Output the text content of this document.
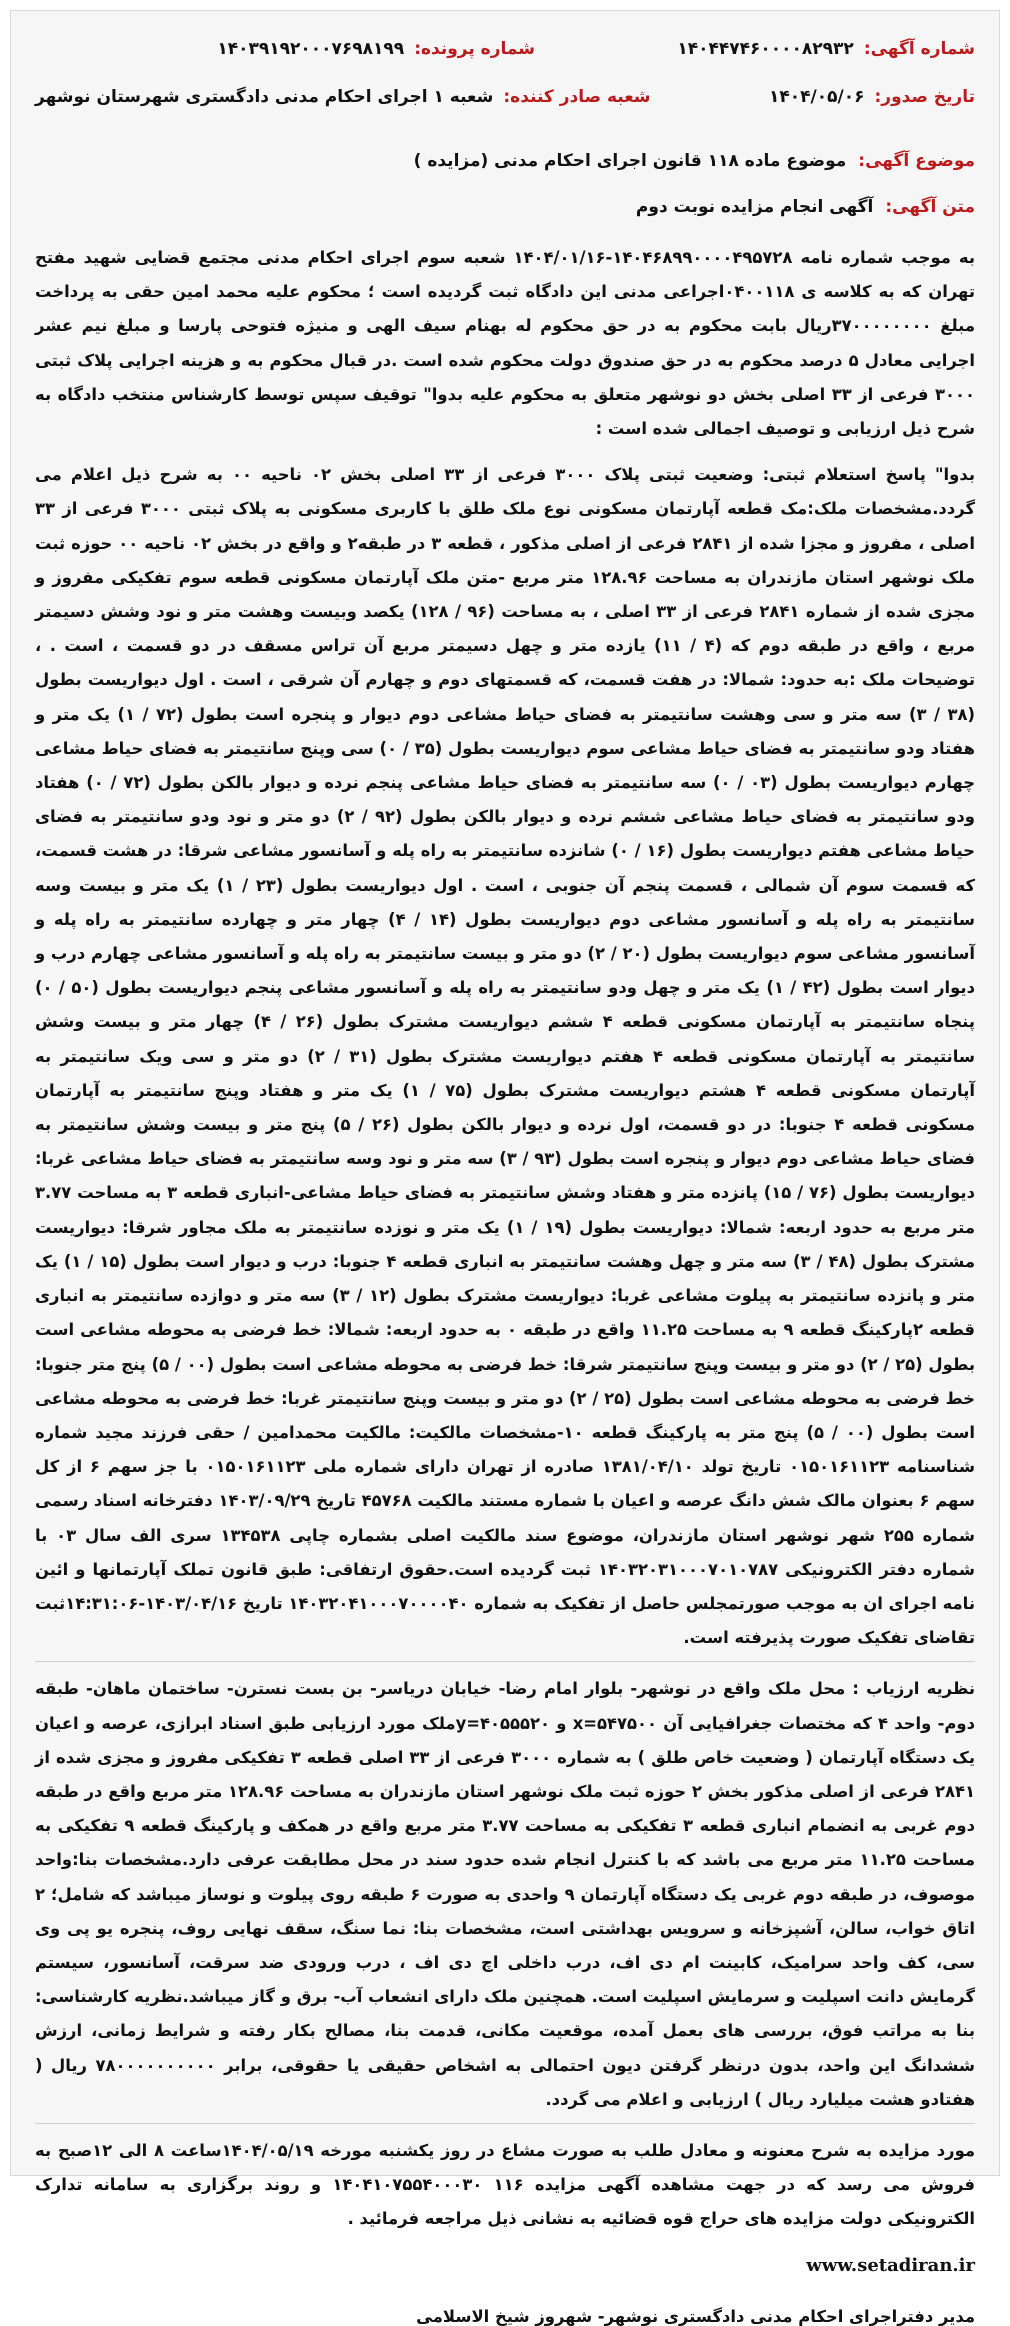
شماره آگهی:
۱۴۰۴۴۷۴۶۰۰۰۰۸۲۹۳۲
شماره پرونده:
۱۴۰۳۹۱۹۲۰۰۰۷۶۹۸۱۹۹
تاریخ صدور:
۱۴۰۴/۰۵/۰۶
شعبه صادر کننده:
شعبه ۱ اجرای احکام مدنی دادگستری شهرستان نوشهر
موضوع آگهی:
موضوع ماده ۱۱۸ قانون اجرای احکام مدنی (مزایده )
متن آگهی:
آگهی انجام مزایده نوبت دوم

به موجب شماره نامه ۱۴۰۴۶۸۹۹۰۰۰۰۴۹۵۷۲۸-۱۴۰۴/۰۱/۱۶ شعبه سوم اجرای احکام مدنی مجتمع قضایی شهید مفتح تهران که به کلاسه ی ۰۴۰۰۱۱۸اجراعی مدنی این دادگاه ثبت گردیده است ؛ محکوم علیه محمد امین حقی به پرداخت مبلغ ۳۷۰۰۰۰۰۰۰۰ریال بابت محکوم به در حق محکوم له بهنام سیف الهی و منیژه فتوحی پارسا و مبلغ نیم عشر اجرایی معادل ۵ درصد محکوم به در حق صندوق دولت محکوم شده است .در قبال محکوم به و هزینه اجرایی پلاک ثبتی ۳۰۰۰ فرعی از ۳۳ اصلی بخش دو نوشهر متعلق به محکوم علیه بدوا" توقیف سپس توسط کارشناس منتخب دادگاه به شرح ذیل ارزیابی و توصیف اجمالی شده است :

بدوا" پاسخ استعلام ثبتی: وضعیت ثبتی پلاک ۳۰۰۰ فرعی از ۳۳ اصلی بخش ۰۲ ناحیه ۰۰ به شرح ذیل اعلام می گردد.مشخصات ملک:مک قطعه آپارتمان مسکونی نوع ملک طلق با کاربری مسکونی به پلاک ثبتی ۳۰۰۰ فرعی از ۳۳ اصلی ، مفروز و مجزا شده از ۲۸۴۱ فرعی از اصلی مذکور ، قطعه ۳ در طبقه۲ و واقع در بخش ۰۲ ناحیه ۰۰ حوزه ثبت ملک نوشهر استان مازندران به مساحت ۱۲۸.۹۶ متر مربع -متن ملک آپارتمان مسکونی قطعه سوم تفکیکی مفروز و مجزی شده از شماره ۲۸۴۱ فرعی از ۳۳ اصلی ، به مساحت (۹۶ / ۱۲۸) یکصد وبیست وهشت متر و نود وشش دسیمتر مربع ، واقع در طبقه دوم که (۴ / ۱۱) یازده متر و چهل دسیمتر مربع آن تراس مسقف در دو قسمت ، است . ، توضیحات ملک :به حدود: شمالا: در هفت قسمت، که قسمتهای دوم و چهارم آن شرقی ، است . اول دیواریست بطول (۳۸ / ۳) سه متر و سی وهشت سانتیمتر به فضای حیاط مشاعی دوم دیوار و پنجره است بطول (۷۲ / ۱) یک متر و هفتاد ودو سانتیمتر به فضای حیاط مشاعی سوم دیواریست بطول (۳۵ / ۰) سی وپنج سانتیمتر به فضای حیاط مشاعی چهارم دیواریست بطول (۰۳ / ۰) سه سانتیمتر به فضای حیاط مشاعی پنجم نرده و دیوار بالکن بطول (۷۲ / ۰) هفتاد ودو سانتیمتر به فضای حیاط مشاعی ششم نرده و دیوار بالکن بطول (۹۲ / ۲) دو متر و نود ودو سانتیمتر به فضای حیاط مشاعی هفتم دیواریست بطول (۱۶ / ۰) شانزده سانتیمتر به راه پله و آسانسور مشاعی شرقا: در هشت قسمت، که قسمت سوم آن شمالی ، قسمت پنجم آن جنوبی ، است . اول دیواریست بطول (۲۳ / ۱) یک متر و بیست وسه سانتیمتر به راه پله و آسانسور مشاعی دوم دیواریست بطول (۱۴ / ۴) چهار متر و چهارده سانتیمتر به راه پله و آسانسور مشاعی سوم دیواریست بطول (۲۰ / ۲) دو متر و بیست سانتیمتر به راه پله و آسانسور مشاعی چهارم درب و دیوار است بطول (۴۲ / ۱) یک متر و چهل ودو سانتیمتر به راه پله و آسانسور مشاعی پنجم دیواریست بطول (۵۰ / ۰) پنجاه سانتیمتر به آپارتمان مسکونی قطعه ۴ ششم دیواریست مشترک بطول (۲۶ / ۴) چهار متر و بیست وشش سانتیمتر به آپارتمان مسکونی قطعه ۴ هفتم دیواریست مشترک بطول (۳۱ / ۲) دو متر و سی ویک سانتیمتر به آپارتمان مسکونی قطعه ۴ هشتم دیواریست مشترک بطول (۷۵ / ۱) یک متر و هفتاد وپنج سانتیمتر به آپارتمان مسکونی قطعه ۴ جنوبا: در دو قسمت، اول نرده و دیوار بالکن بطول (۲۶ / ۵) پنج متر و بیست وشش سانتیمتر به فضای حیاط مشاعی دوم دیوار و پنجره است بطول (۹۳ / ۳) سه متر و نود وسه سانتیمتر به فضای حیاط مشاعی غربا: دیواریست بطول (۷۶ / ۱۵) پانزده متر و هفتاد وشش سانتیمتر به فضای حیاط مشاعی-انباری قطعه ۳ به مساحت ۳.۷۷ متر مربع به حدود اربعه: شمالا: دیواریست بطول (۱۹ / ۱) یک متر و نوزده سانتیمتر به ملک مجاور شرقا: دیواریست مشترک بطول (۴۸ / ۳) سه متر و چهل وهشت سانتیمتر به انباری قطعه ۴ جنوبا: درب و دیوار است بطول (۱۵ / ۱) یک متر و پانزده سانتیمتر به پیلوت مشاعی غربا: دیواریست مشترک بطول (۱۲ / ۳) سه متر و دوازده سانتیمتر به انباری قطعه ۲پارکینگ قطعه ۹ به مساحت ۱۱.۲۵ واقع در طبقه ۰ به حدود اربعه: شمالا: خط فرضی به محوطه مشاعی است بطول (۲۵ / ۲) دو متر و بیست وپنج سانتیمتر شرقا: خط فرضی به محوطه مشاعی است بطول (۰۰ / ۵) پنج متر جنوبا: خط فرضی به محوطه مشاعی است بطول (۲۵ / ۲) دو متر و بیست وپنج سانتیمتر غربا: خط فرضی به محوطه مشاعی است بطول (۰۰ / ۵) پنج متر به پارکینگ قطعه ۱۰-مشخصات مالکیت: مالکیت محمدامین / حقی فرزند مجید شماره شناسنامه ۰۱۵۰۱۶۱۱۲۳ تاریخ تولد ۱۳۸۱/۰۴/۱۰ صادره از تهران دارای شماره ملی ۰۱۵۰۱۶۱۱۲۳ با جز سهم ۶ از کل سهم ۶ بعنوان مالک شش دانگ عرصه و اعیان با شماره مستند مالکیت ۴۵۷۶۸ تاریخ ۱۴۰۳/۰۹/۲۹ دفترخانه اسناد رسمی شماره ۲۵۵ شهر نوشهر استان مازندران، موضوع سند مالکیت اصلی بشماره چاپی ۱۳۴۵۳۸ سری الف سال ۰۳ با شماره دفتر الکترونیکی ۱۴۰۳۲۰۳۱۰۰۰۷۰۱۰۷۸۷ ثبت گردیده است.حقوق ارتفاقی: طبق قانون تملک آپارتمانها و ائین نامه اجرای ان به موجب صورتمجلس حاصل از تفکیک به شماره ۱۴۰۳۲۰۴۱۰۰۰۷۰۰۰۰۴۰ تاریخ ۱۴۰۳/۰۴/۱۶-۱۴:۳۱:۰۶ثبت تقاضای تفکیک صورت پذیرفته است.

نظریه ارزیاب : محل ملک واقع در نوشهر- بلوار امام رضا- خیابان دریاسر- بن بست نسترن- ساختمان ماهان- طبقه دوم- واحد ۴ که مختصات جغرافیایی آن x=۵۴۷۵۰۰ و y=۴۰۵۵۵۲۰ملک مورد ارزیابی طبق اسناد ابرازی، عرصه و اعیان یک دستگاه آپارتمان ( وضعیت خاص طلق ) به شماره ۳۰۰۰ فرعی از ۳۳ اصلی قطعه ۳ تفکیکی مفروز و مجزی شده از ۲۸۴۱ فرعی از اصلی مذکور بخش ۲ حوزه ثبت ملک نوشهر استان مازندران به مساحت ۱۲۸.۹۶ متر مربع واقع در طبقه دوم غربی به انضمام انباری قطعه ۳ تفکیکی به مساحت ۳.۷۷ متر مربع واقع در همکف و پارکینگ قطعه ۹ تفکیکی به مساحت ۱۱.۲۵ متر مربع می باشد که با کنترل انجام شده حدود سند در محل مطابقت عرفی دارد.مشخصات بنا:واحد موصوف، در طبقه دوم غربی یک دستگاه آپارتمان ۹ واحدی به صورت ۶ طبقه روی پیلوت و نوساز میباشد که شامل؛ ۲ اتاق خواب، سالن، آشپزخانه و سرویس بهداشتی است، مشخصات بنا: نما سنگ، سقف نهایی روف، پنجره یو پی وی سی، کف واحد سرامیک، کابینت ام دی اف، درب داخلی اچ دی اف ، درب ورودی ضد سرقت، آسانسور، سیستم گرمایش دانت اسپلیت و سرمایش اسپلیت است. همچنین ملک دارای انشعاب آب- برق و گاز میباشد.نظریه کارشناسی: بنا به مراتب فوق، بررسی های بعمل آمده، موقعیت مکانی، قدمت بنا، مصالح بکار رفته و شرایط زمانی، ارزش ششدانگ این واحد، بدون درنظر گرفتن دیون احتمالی به اشخاص حقیقی یا حقوقی، برابر ۷۸۰۰۰۰۰۰۰۰۰۰ ریال ( هفتادو هشت میلیارد ریال ) ارزیابی و اعلام می گردد.

مورد مزایده به شرح معنونه و معادل طلب به صورت مشاع در روز یکشنبه مورخه ۱۴۰۴/۰۵/۱۹ساعت ۸ الی ۱۲صبح به فروش می رسد که در جهت مشاهده آگهی مزایده ۱۱۶ ۱۴۰۴۱۰۷۵۵۴۰۰۰۳۰ و روند برگزاری به سامانه تدارک الکترونیکی دولت مزایده های حراج قوه قضائیه به نشانی ذیل مراجعه فرمائید .

www.setadiran.ir
مدیر دفتراجرای احکام مدنی دادگستری نوشهر- شهروز شیخ الاسلامی
